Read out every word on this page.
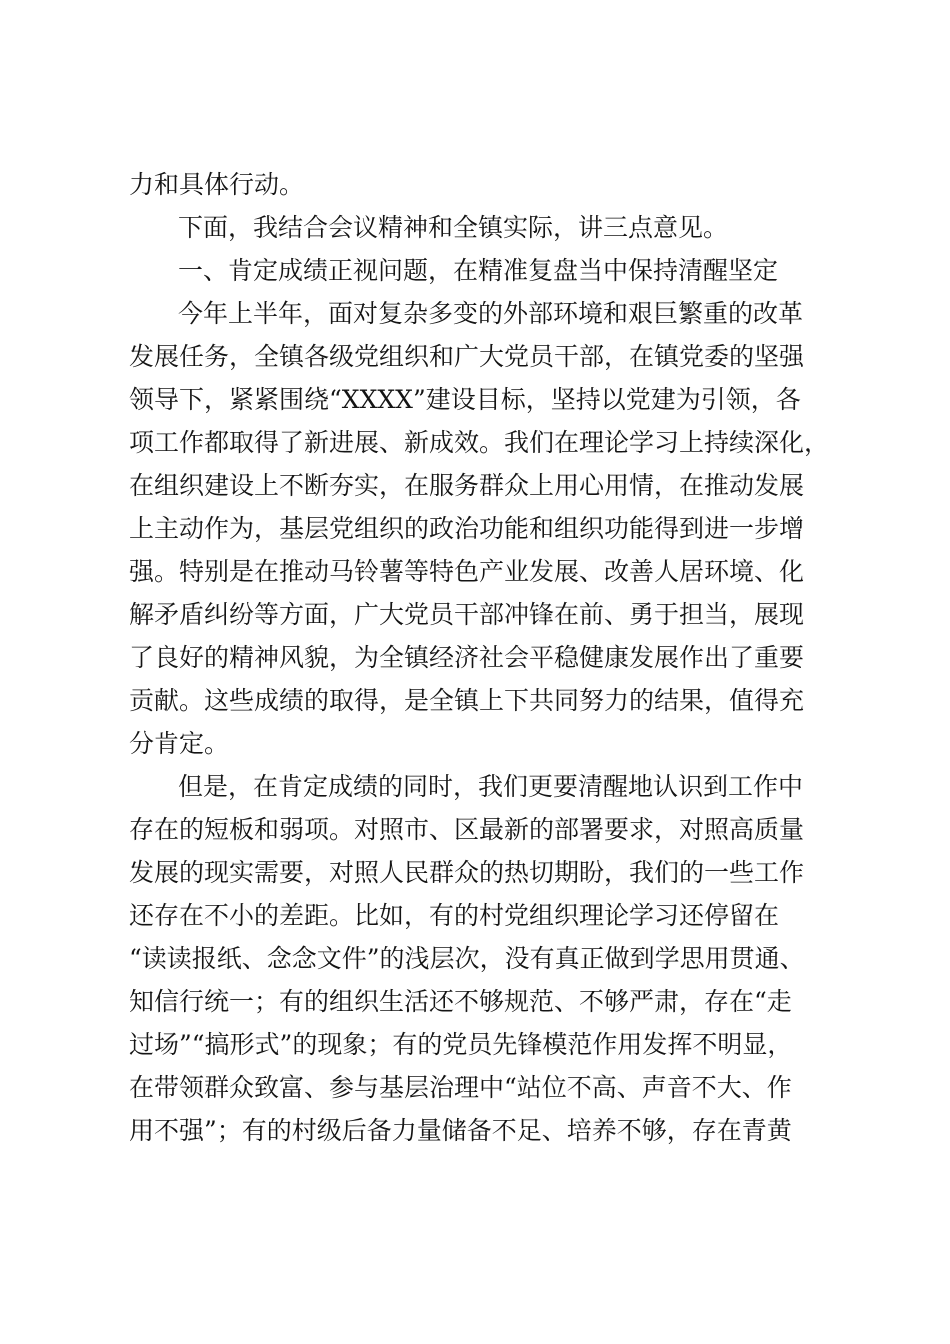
力和具体行动。
下面，我结合会议精神和全镇实际，讲三点意见。
一、肯定成绩正视问题，在精准复盘当中保持清醒坚定
今年上半年，面对复杂多变的外部环境和艰巨繁重的改革
发展任务，全镇各级党组织和广大党员干部，在镇党委的坚强
领导下，紧紧围绕“XXXX”建设目标，坚持以党建为引领，各
项工作都取得了新进展、新成效。我们在理论学习上持续深化，
在组织建设上不断夯实，在服务群众上用心用情，在推动发展
上主动作为，基层党组织的政治功能和组织功能得到进一步增
强。特别是在推动马铃薯等特色产业发展、改善人居环境、化
解矛盾纠纷等方面，广大党员干部冲锋在前、勇于担当，展现
了良好的精神风貌，为全镇经济社会平稳健康发展作出了重要
贡献。这些成绩的取得，是全镇上下共同努力的结果，值得充
分肯定。
但是，在肯定成绩的同时，我们更要清醒地认识到工作中
存在的短板和弱项。对照市、区最新的部署要求，对照高质量
发展的现实需要，对照人民群众的热切期盼，我们的一些工作
还存在不小的差距。比如，有的村党组织理论学习还停留在
“读读报纸、念念文件”的浅层次，没有真正做到学思用贯通、
知信行统一；有的组织生活还不够规范、不够严肃，存在“走
过场”“搞形式”的现象；有的党员先锋模范作用发挥不明显，
在带领群众致富、参与基层治理中“站位不高、声音不大、作
用不强”；有的村级后备力量储备不足、培养不够，存在青黄
